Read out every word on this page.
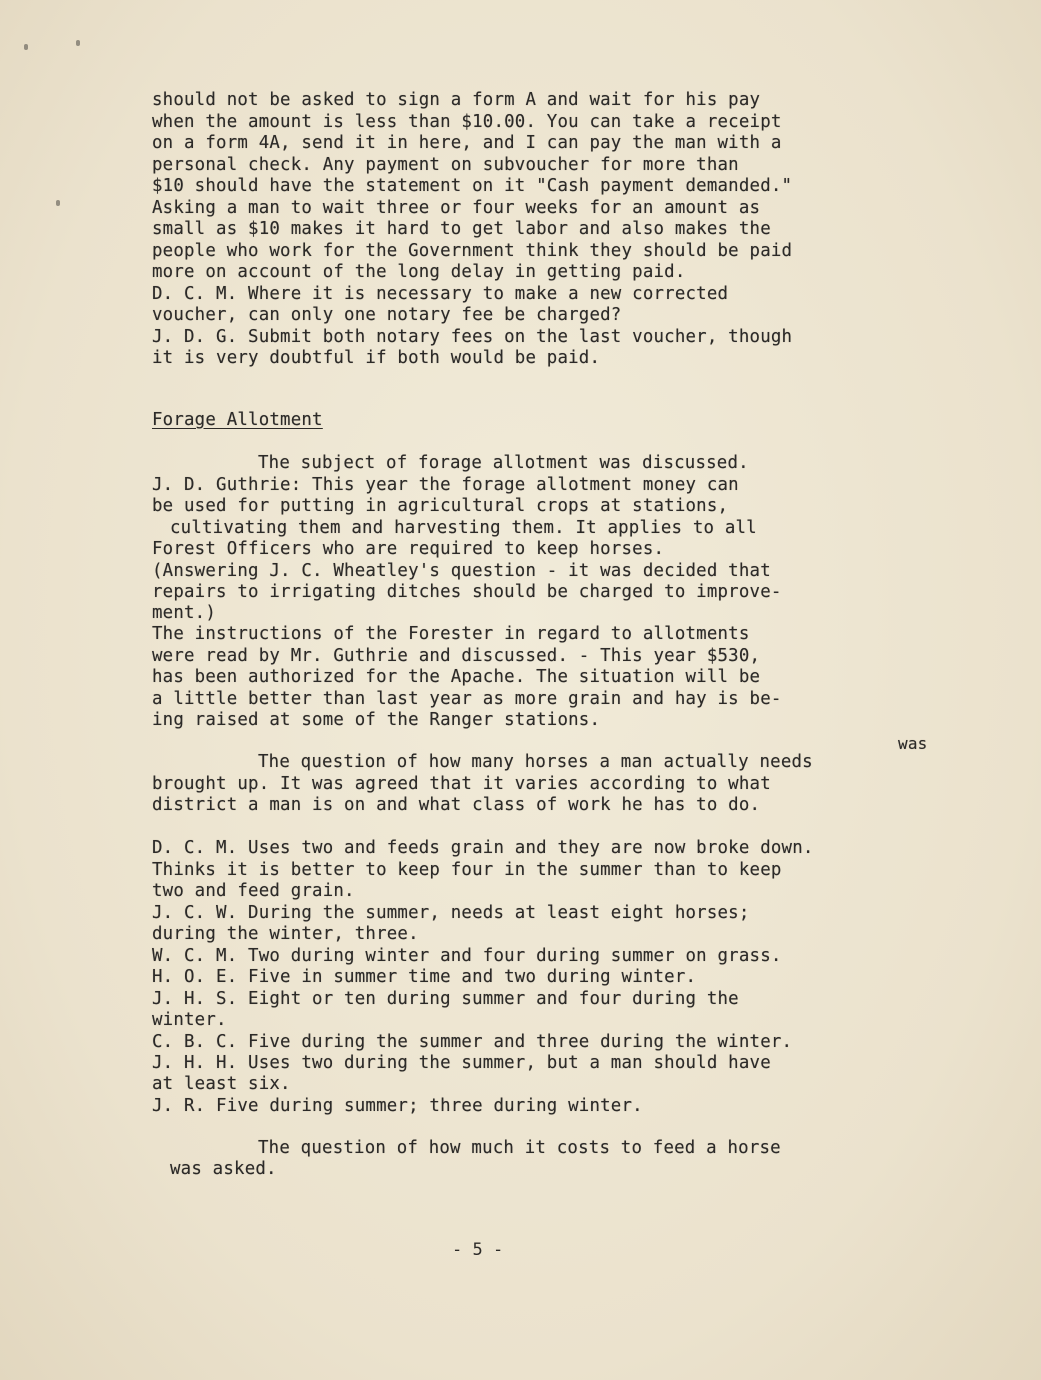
should not be asked to sign a form A and wait for his pay
when the amount is less than $10.00. You can take a receipt
on a form 4A, send it in here, and I can pay the man with a
personal check. Any payment on subvoucher for more than
$10 should have the statement on it "Cash payment demanded."
Asking a man to wait three or four weeks for an amount as
small as $10 makes it hard to get labor and also makes the
people who work for the Government think they should be paid
more on account of the long delay in getting paid.
D. C. M. Where it is necessary to make a new corrected
voucher, can only one notary fee be charged?
J. D. G. Submit both notary fees on the last voucher, though
it is very doubtful if both would be paid.
Forage Allotment
The subject of forage allotment was discussed.
J. D. Guthrie: This year the forage allotment money can
be used for putting in agricultural crops at stations,
cultivating them and harvesting them. It applies to all
Forest Officers who are required to keep horses.
(Answering J. C. Wheatley's question - it was decided that
repairs to irrigating ditches should be charged to improve-
ment.)
The instructions of the Forester in regard to allotments
were read by Mr. Guthrie and discussed. - This year $530,
has been authorized for the Apache. The situation will be
a little better than last year as more grain and hay is be-
ing raised at some of the Ranger stations.
was
The question of how many horses a man actually needs
brought up. It was agreed that it varies according to what
district a man is on and what class of work he has to do.
D. C. M. Uses two and feeds grain and they are now broke down.
Thinks it is better to keep four in the summer than to keep
two and feed grain.
J. C. W. During the summer, needs at least eight horses;
during the winter, three.
W. C. M. Two during winter and four during summer on grass.
H. O. E. Five in summer time and two during winter.
J. H. S. Eight or ten during summer and four during the
winter.
C. B. C. Five during the summer and three during the winter.
J. H. H. Uses two during the summer, but a man should have
at least six.
J. R. Five during summer; three during winter.
The question of how much it costs to feed a horse
was asked.
- 5 -
